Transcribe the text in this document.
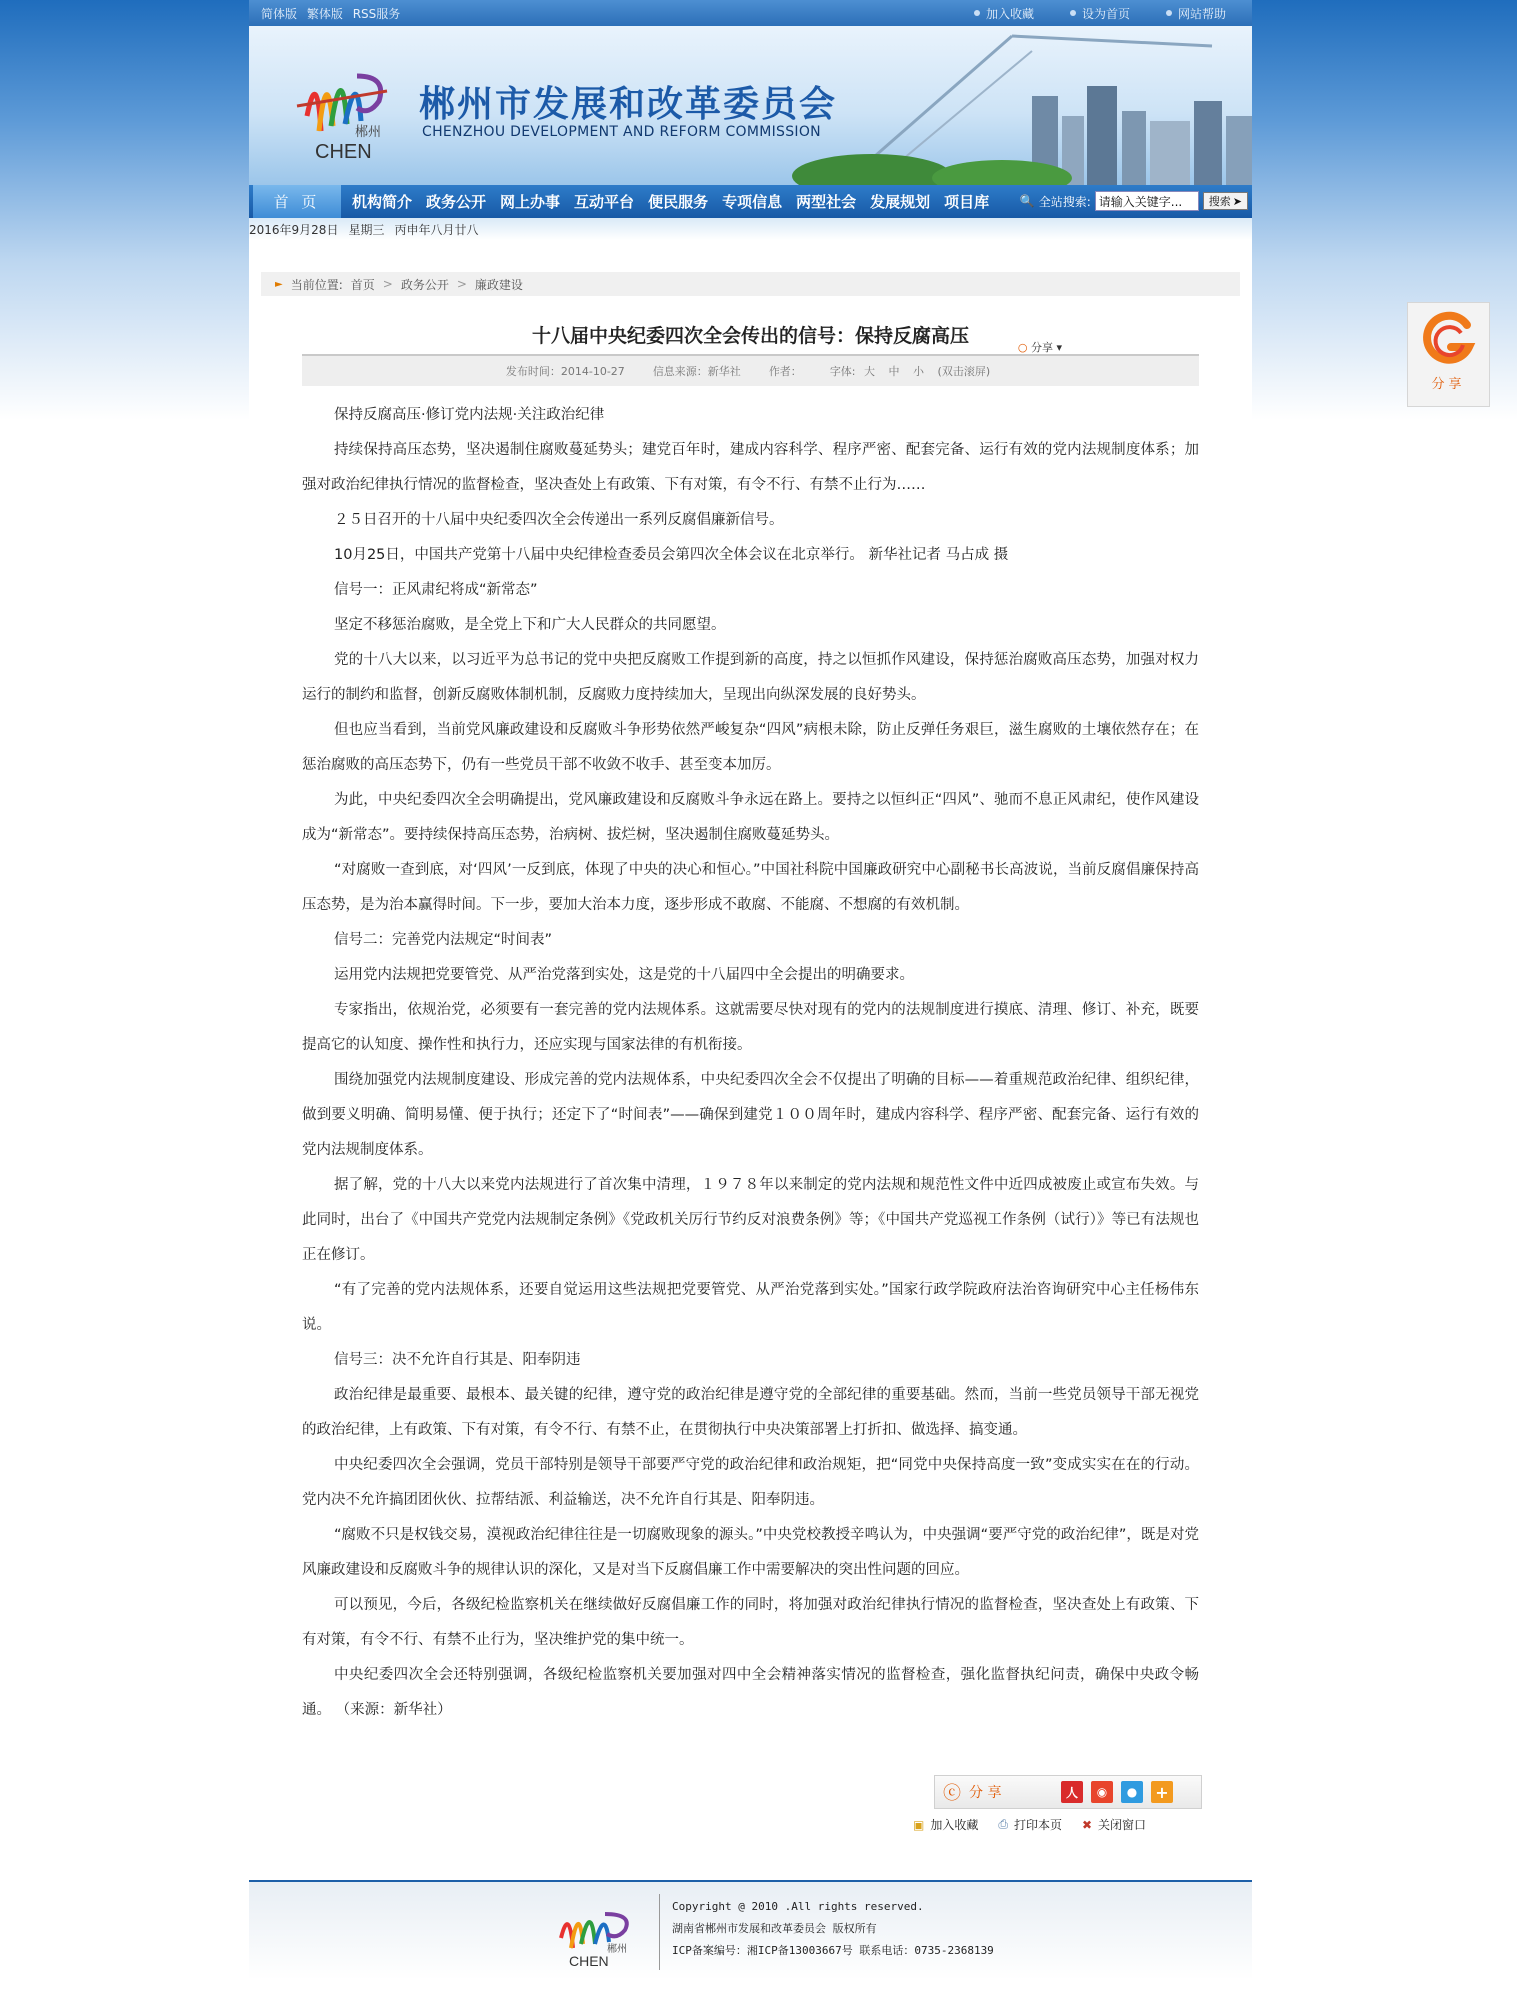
简体版 繁体版 RSS服务	加入收藏	设为首页	网站帮助
郴州
CHEN
郴州市发展和改革委员会
CHENZHOU DEVELOPMENT AND REFORM COMMISSION
首 页	机构简介 政务公开 网上办事 互动平台 便民服务 专项信息 两型社会 发展规划 项目库	🔍 全站搜索:
请输入关键字...	搜索 ➤
2016年9月28日 星期三 丙申年八月廿八
► 当前位置: 首页 > 政务公开 > 廉政建设
十八届中央纪委四次全会传出的信号：保持反腐高压
○ 分享 ▾
发布时间：2014-10-27	信息来源：新华社	作者：	字体: 大 中 小 (双击滚屏)

保持反腐高压·修订党内法规·关注政治纪律

持续保持高压态势，坚决遏制住腐败蔓延势头；建党百年时，建成内容科学、程序严密、配套完备、运行有效的党内法规制度体系；加强对政治纪律执行情况的监督检查，坚决查处上有政策、下有对策，有令不行、有禁不止行为……

２５日召开的十八届中央纪委四次全会传递出一系列反腐倡廉新信号。

10月25日，中国共产党第十八届中央纪律检查委员会第四次全体会议在北京举行。 新华社记者 马占成 摄

信号一：正风肃纪将成“新常态”

坚定不移惩治腐败，是全党上下和广大人民群众的共同愿望。

党的十八大以来，以习近平为总书记的党中央把反腐败工作提到新的高度，持之以恒抓作风建设，保持惩治腐败高压态势，加强对权力运行的制约和监督，创新反腐败体制机制，反腐败力度持续加大，呈现出向纵深发展的良好势头。

但也应当看到，当前党风廉政建设和反腐败斗争形势依然严峻复杂“四风”病根未除，防止反弹任务艰巨，滋生腐败的土壤依然存在；在惩治腐败的高压态势下，仍有一些党员干部不收敛不收手、甚至变本加厉。

为此，中央纪委四次全会明确提出，党风廉政建设和反腐败斗争永远在路上。要持之以恒纠正“四风”、驰而不息正风肃纪，使作风建设成为“新常态”。要持续保持高压态势，治病树、拔烂树，坚决遏制住腐败蔓延势头。

“对腐败一查到底，对‘四风’一反到底，体现了中央的决心和恒心。”中国社科院中国廉政研究中心副秘书长高波说，当前反腐倡廉保持高压态势，是为治本赢得时间。下一步，要加大治本力度，逐步形成不敢腐、不能腐、不想腐的有效机制。

信号二：完善党内法规定“时间表”

运用党内法规把党要管党、从严治党落到实处，这是党的十八届四中全会提出的明确要求。

专家指出，依规治党，必须要有一套完善的党内法规体系。这就需要尽快对现有的党内的法规制度进行摸底、清理、修订、补充，既要提高它的认知度、操作性和执行力，还应实现与国家法律的有机衔接。

围绕加强党内法规制度建设、形成完善的党内法规体系，中央纪委四次全会不仅提出了明确的目标——着重规范政治纪律、组织纪律，做到要义明确、简明易懂、便于执行；还定下了“时间表”——确保到建党１００周年时，建成内容科学、程序严密、配套完备、运行有效的党内法规制度体系。

据了解，党的十八大以来党内法规进行了首次集中清理，１９７８年以来制定的党内法规和规范性文件中近四成被废止或宣布失效。与此同时，出台了《中国共产党党内法规制定条例》《党政机关厉行节约反对浪费条例》等；《中国共产党巡视工作条例（试行）》等已有法规也正在修订。

“有了完善的党内法规体系，还要自觉运用这些法规把党要管党、从严治党落到实处。”国家行政学院政府法治咨询研究中心主任杨伟东说。

信号三：决不允许自行其是、阳奉阴违

政治纪律是最重要、最根本、最关键的纪律，遵守党的政治纪律是遵守党的全部纪律的重要基础。然而，当前一些党员领导干部无视党的政治纪律，上有政策、下有对策，有令不行、有禁不止，在贯彻执行中央决策部署上打折扣、做选择、搞变通。

中央纪委四次全会强调，党员干部特别是领导干部要严守党的政治纪律和政治规矩，把“同党中央保持高度一致”变成实实在在的行动。党内决不允许搞团团伙伙、拉帮结派、利益输送，决不允许自行其是、阳奉阴违。

“腐败不只是权钱交易，漠视政治纪律往往是一切腐败现象的源头。”中央党校教授辛鸣认为，中央强调“要严守党的政治纪律”，既是对党风廉政建设和反腐败斗争的规律认识的深化，又是对当下反腐倡廉工作中需要解决的突出性问题的回应。

可以预见，今后，各级纪检监察机关在继续做好反腐倡廉工作的同时，将加强对政治纪律执行情况的监督检查，坚决查处上有政策、下有对策，有令不行、有禁不止行为，坚决维护党的集中统一。

中央纪委四次全会还特别强调，各级纪检监察机关要加强对四中全会精神落实情况的监督检查，强化监督执纪问责，确保中央政令畅通。 （来源：新华社）

ⓒ 分 享	人	◉	●	+
▣ 加入收藏 ⎙ 打印本页 ✖ 关闭窗口
郴州
CHEN
Copyright @ 2010 .All rights reserved.
湖南省郴州市发展和改革委员会 版权所有
ICP备案编号：湘ICP备13003667号 联系电话：0735-2368139
分享
